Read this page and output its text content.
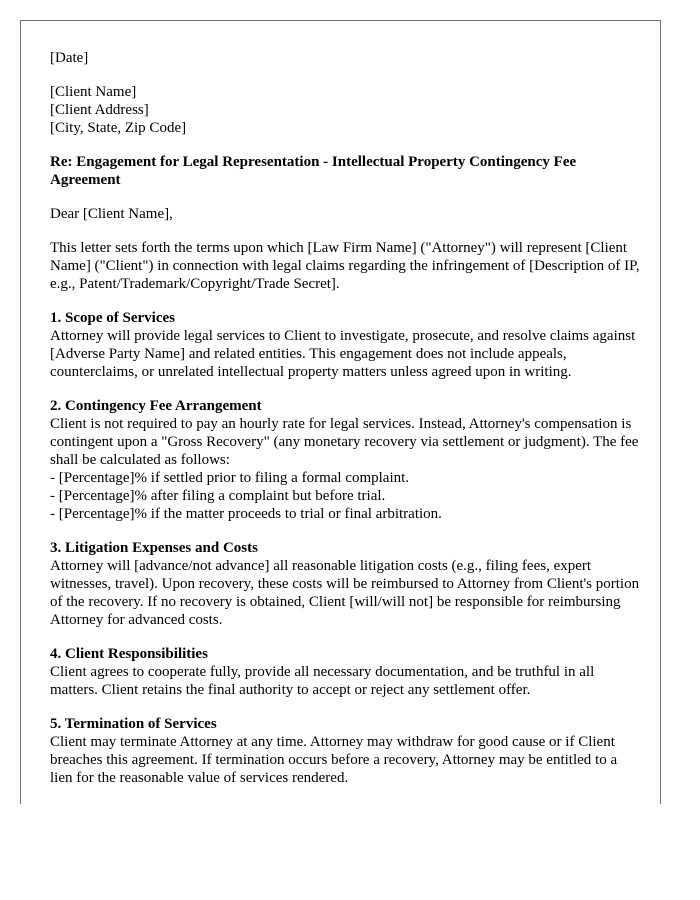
[Date]

[Client Name]
[Client Address]
[City, State, Zip Code]

Re: Engagement for Legal Representation - Intellectual Property Contingency Fee Agreement

Dear [Client Name],

This letter sets forth the terms upon which [Law Firm Name] ("Attorney") will represent [Client Name] ("Client") in connection with legal claims regarding the infringement of [Description of IP, e.g., Patent/Trademark/Copyright/Trade Secret].

1. Scope of Services
Attorney will provide legal services to Client to investigate, prosecute, and resolve claims against [Adverse Party Name] and related entities. This engagement does not include appeals, counterclaims, or unrelated intellectual property matters unless agreed upon in writing.
2. Contingency Fee Arrangement
Client is not required to pay an hourly rate for legal services. Instead, Attorney's compensation is contingent upon a "Gross Recovery" (any monetary recovery via settlement or judgment). The fee shall be calculated as follows:
- [Percentage]% if settled prior to filing a formal complaint.
- [Percentage]% after filing a complaint but before trial.
- [Percentage]% if the matter proceeds to trial or final arbitration.
3. Litigation Expenses and Costs
Attorney will [advance/not advance] all reasonable litigation costs (e.g., filing fees, expert witnesses, travel). Upon recovery, these costs will be reimbursed to Attorney from Client's portion of the recovery. If no recovery is obtained, Client [will/will not] be responsible for reimbursing Attorney for advanced costs.
4. Client Responsibilities
Client agrees to cooperate fully, provide all necessary documentation, and be truthful in all matters. Client retains the final authority to accept or reject any settlement offer.
5. Termination of Services
Client may terminate Attorney at any time. Attorney may withdraw for good cause or if Client breaches this agreement. If termination occurs before a recovery, Attorney may be entitled to a lien for the reasonable value of services rendered.
